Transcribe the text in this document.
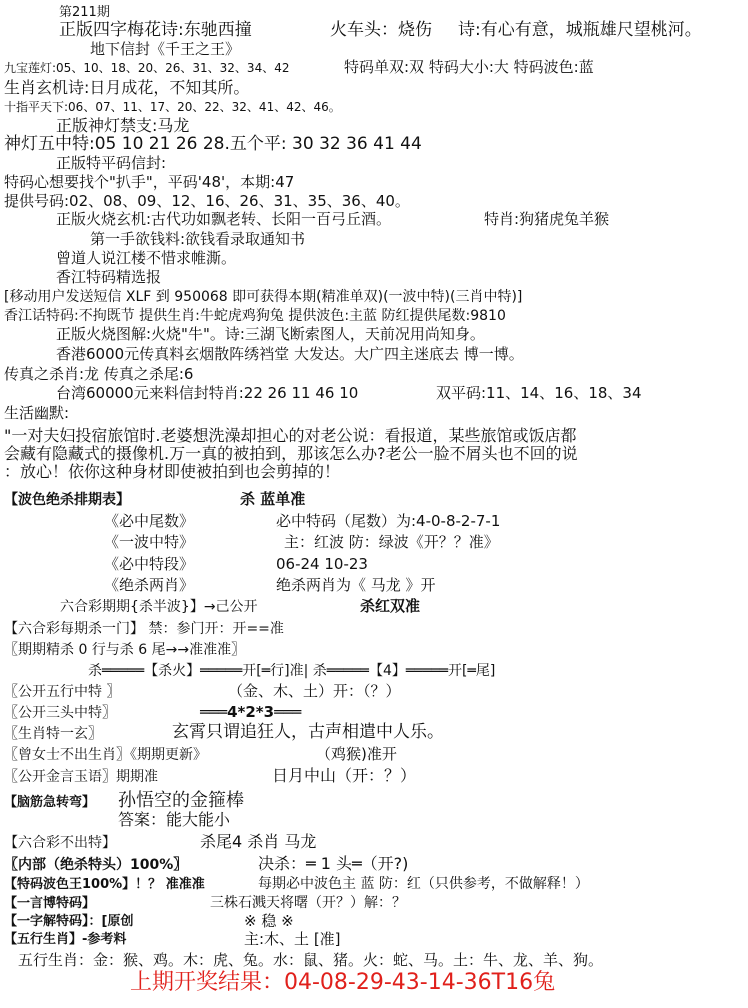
第211期
正版四字梅花诗:东驰西撞	火车头：烧伤 诗:有心有意，城瓶雄尺望桃河。
地下信封《千王之王》
九宝莲灯:05、10、18、20、26、31、32、34、42	特码单双:双 特码大小:大 特码波色:蓝
生肖玄机诗:日月成花，不知其所。
十指平天下:06、07、11、17、20、22、32、41、42、46。
正版神灯禁支:马龙
神灯五中特:05 10 21 26 28.五个平: 30 32 36 41 44
正版特平码信封:
特码心想要找个"扒手"，平码'48'，本期:47
提供号码:02、08、09、12、16、26、31、35、36、40。
正版火烧玄机:古代功如飘老转、长阳一百弓丘酒。	特肖:狗猪虎兔羊猴
第一手欲钱料:欲钱看录取通知书
曾道人说江楼不惜求帷澌。
香江特码精选报
[移动用户发送短信 XLF 到 950068 即可获得本期(精准单双)(一波中特)(三肖中特)]
香江话特码:不拘既节 提供生肖:牛蛇虎鸡狗兔 提供波色:主蓝 防红提供尾数:9810
正版火烧图解:火烧"牛"。诗:三湖飞断索图人，天前况用尚知身。
香港6000元传真料玄烟散阵绣裆堂 大发达。大广四主迷底去 博一博。
传真之杀肖:龙 传真之杀尾:6
台湾60000元来料信封特肖:22 26 11 46 10	双平码:11、14、16、18、34
生活幽默:
"一对夫妇投宿旅馆时.老婆想洗澡却担心的对老公说：看报道，某些旅馆或饭店都
会藏有隐藏式的摄像机.万一真的被拍到，那该怎么办?老公一脸不屑头也不回的说
：放心！依你这种身材即使被拍到也会剪掉的！
【波色绝杀排期表】	杀 蓝单准
《必中尾数》	必中特码（尾数）为:4-0-8-2-7-1
《一波中特》	主：红波 防：绿波《开？？准》
《必中特段》	06-24 10-23
《绝杀两肖》	绝杀两肖为《 马龙 》开
六合彩期期{杀半波}】→己公开	杀红双准
【六合彩每期杀一门】 禁：参门开：开==准
〖期期精杀 0 行与杀 6 尾→→准准准〗
杀═════【杀火】═════开[═行]准| 杀═════【4】═════开[═尾]
〖公开五行中特 〗	（金、木、土）开：（？）
〖公开三头中特〗	═══4*2*3═══
〖生肖特一玄〗	玄霄只谓追狂人，古声相遣中人乐。
〖曾女士不出生肖〗《期期更新》	（鸡猴)准开
〖公开金言玉语〗期期准	日月中山（开：？）
【脑筋急转弯】 孙悟空的金箍棒
答案：能大能小
【六合彩不出特】	杀尾4 杀肖 马龙
〖内部（绝杀特头）100%〗	决杀：═ 1 头═（开?)
【特码波色王100%】！？ 准准准	每期必中波色主 蓝 防：红（只供参考，不做解释！）
【一言博特码】	三株石溅天将曙（开？）解：？
【一字解特码】：[原创	※ 稳 ※
【五行生肖】-参考料	主:木、土 [准]
五行生肖：金：猴、鸡。木：虎、兔。水：鼠、猪。火：蛇、马。土：牛、龙、羊、狗。
上期开奖结果：04-08-29-43-14-36T16兔
